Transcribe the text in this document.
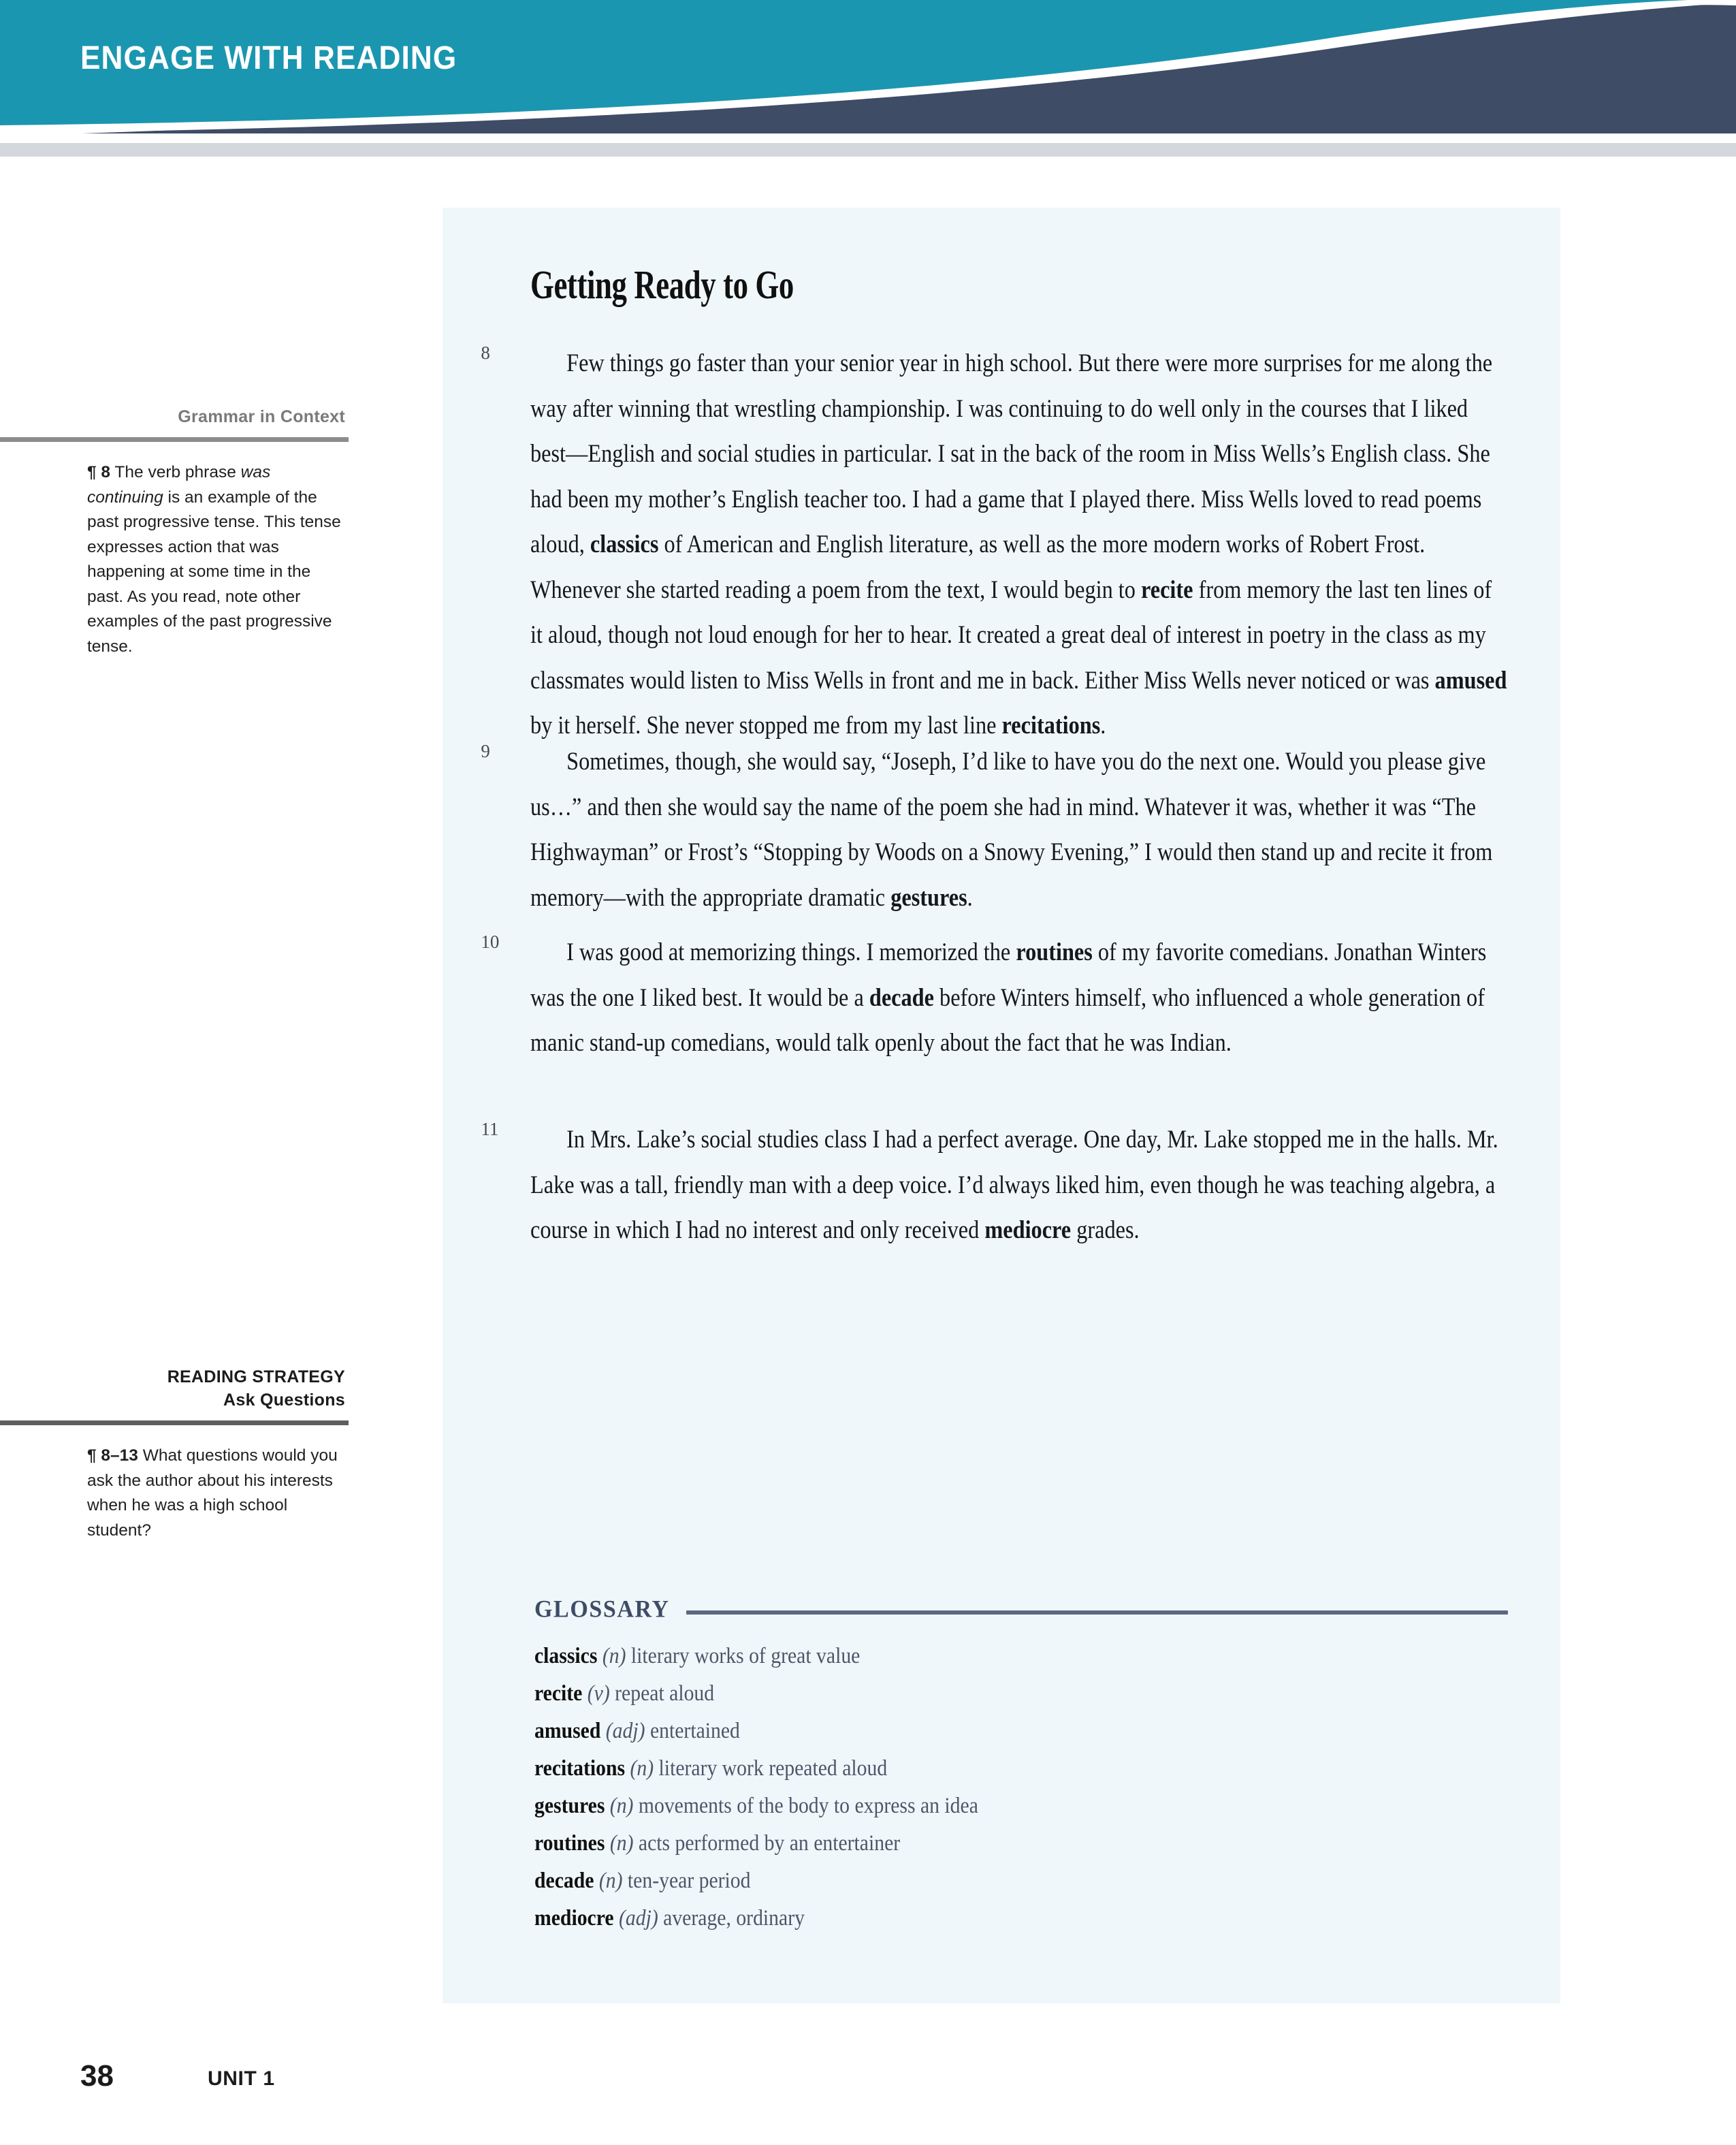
ENGAGE WITH READING
Grammar in Context
¶ 8 The verb phrase was continuing is an example of the past progressive tense. This tense expresses action that was happening at some time in the past. As you read, note other examples of the past progressive tense.
READING STRATEGY
Ask Questions
¶ 8–13 What questions would you ask the author about his interests when he was a high school student?
Getting Ready to Go
8	Few things go faster than your senior year in high school. But there were more surprises for me along the way after winning that wrestling championship. I was continuing to do well only in the courses that I liked best—English and social studies in particular. I sat in the back of the room in Miss Wells’s English class. She had been my mother’s English teacher too. I had a game that I played there. Miss Wells loved to read poems aloud, classics of American and English literature, as well as the more modern works of Robert Frost. Whenever she started reading a poem from the text, I would begin to recite from memory the last ten lines of it aloud, though not loud enough for her to hear. It created a great deal of interest in poetry in the class as my classmates would listen to Miss Wells in front and me in back. Either Miss Wells never noticed or was amused by it herself. She never stopped me from my last line recitations.
9	Sometimes, though, she would say, “Joseph, I’d like to have you do the next one. Would you please give us…” and then she would say the name of the poem she had in mind. Whatever it was, whether it was “The Highwayman” or Frost’s “Stopping by Woods on a Snowy Evening,” I would then stand up and recite it from memory—with the appropriate dramatic gestures.
10	I was good at memorizing things. I memorized the routines of my favorite comedians. Jonathan Winters was the one I liked best. It would be a decade before Winters himself, who influenced a whole generation of manic stand-up comedians, would talk openly about the fact that he was Indian.
11	In Mrs. Lake’s social studies class I had a perfect average. One day, Mr. Lake stopped me in the halls. Mr. Lake was a tall, friendly man with a deep voice. I’d always liked him, even though he was teaching algebra, a course in which I had no interest and only received mediocre grades.
GLOSSARY
classics (n) literary works of great value
recite (v) repeat aloud
amused (adj) entertained
recitations (n) literary work repeated aloud
gestures (n) movements of the body to express an idea
routines (n) acts performed by an entertainer
decade (n) ten-year period
mediocre (adj) average, ordinary
38	UNIT 1
